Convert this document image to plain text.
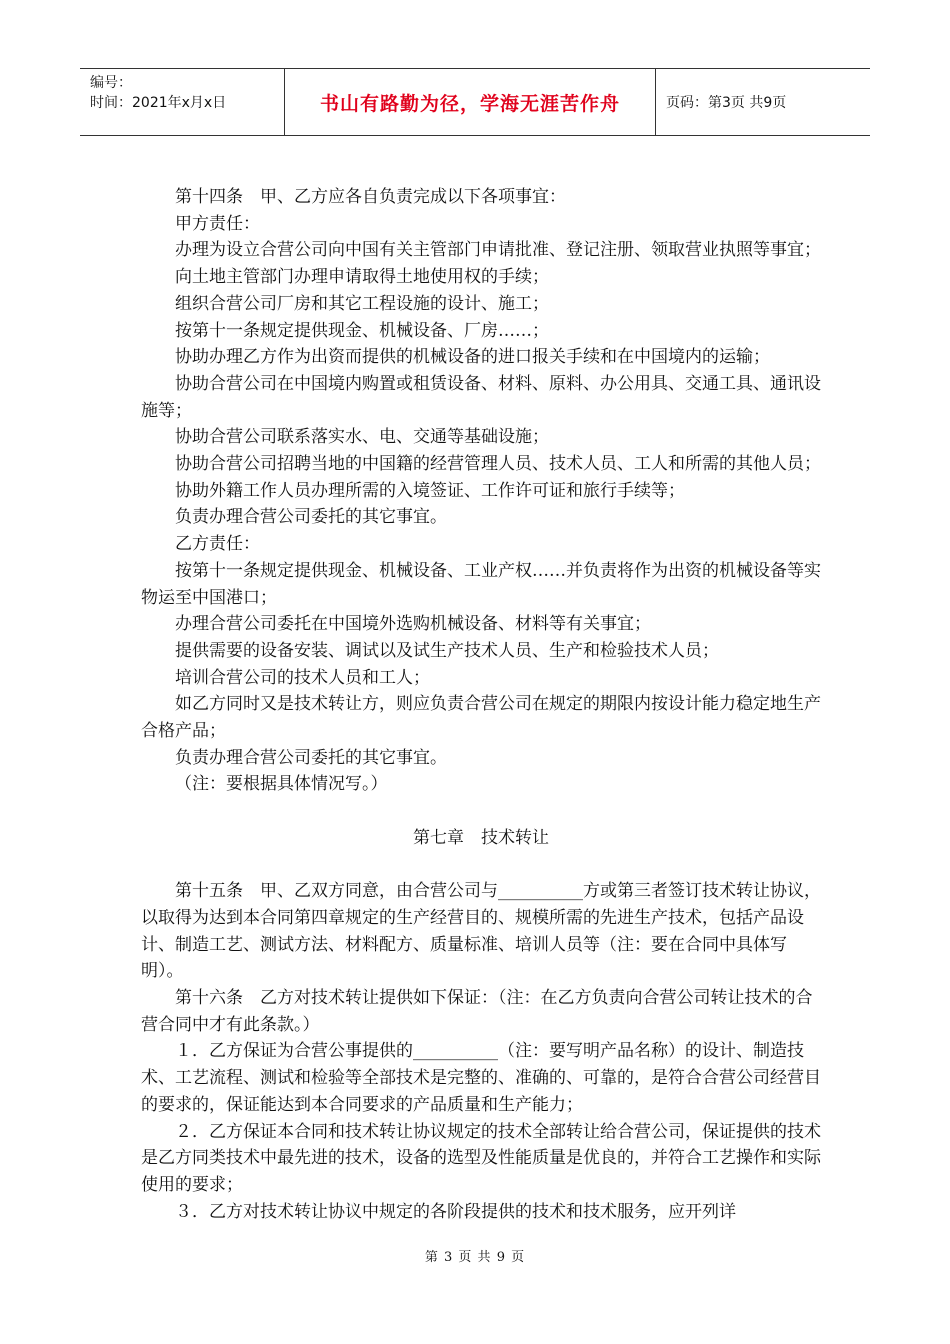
编号：
时间：2021年x月x日	书山有路勤为径，学海无涯苦作舟	页码：第3页 共9页

第十四条　甲、乙方应各自负责完成以下各项事宜：

甲方责任：

办理为设立合营公司向中国有关主管部门申请批准、登记注册、领取营业执照等事宜；

向土地主管部门办理申请取得土地使用权的手续；

组织合营公司厂房和其它工程设施的设计、施工；

按第十一条规定提供现金、机械设备、厂房……；

协助办理乙方作为出资而提供的机械设备的进口报关手续和在中国境内的运输；

协助合营公司在中国境内购置或租赁设备、材料、原料、办公用具、交通工具、通讯设施等；

协助合营公司联系落实水、电、交通等基础设施；

协助合营公司招聘当地的中国籍的经营管理人员、技术人员、工人和所需的其他人员；

协助外籍工作人员办理所需的入境签证、工作许可证和旅行手续等；

负责办理合营公司委托的其它事宜。

乙方责任：

按第十一条规定提供现金、机械设备、工业产权……并负责将作为出资的机械设备等实物运至中国港口；

办理合营公司委托在中国境外选购机械设备、材料等有关事宜；

提供需要的设备安装、调试以及试生产技术人员、生产和检验技术人员；

培训合营公司的技术人员和工人；

如乙方同时又是技术转让方，则应负责合营公司在规定的期限内按设计能力稳定地生产合格产品；

负责办理合营公司委托的其它事宜。

（注：要根据具体情况写。）

第七章　技术转让

第十五条　甲、乙双方同意，由合营公司与__________方或第三者签订技术转让协议，以取得为达到本合同第四章规定的生产经营目的、规模所需的先进生产技术，包括产品设计、制造工艺、测试方法、材料配方、质量标准、培训人员等（注：要在合同中具体写明）。

第十六条　乙方对技术转让提供如下保证：（注：在乙方负责向合营公司转让技术的合营合同中才有此条款。）

１．乙方保证为合营公事提供的__________（注：要写明产品名称）的设计、制造技术、工艺流程、测试和检验等全部技术是完整的、准确的、可靠的，是符合合营公司经营目的要求的，保证能达到本合同要求的产品质量和生产能力；

２．乙方保证本合同和技术转让协议规定的技术全部转让给合营公司，保证提供的技术是乙方同类技术中最先进的技术，设备的选型及性能质量是优良的，并符合工艺操作和实际使用的要求；

３．乙方对技术转让协议中规定的各阶段提供的技术和技术服务，应开列详

第 3 页 共 9 页
